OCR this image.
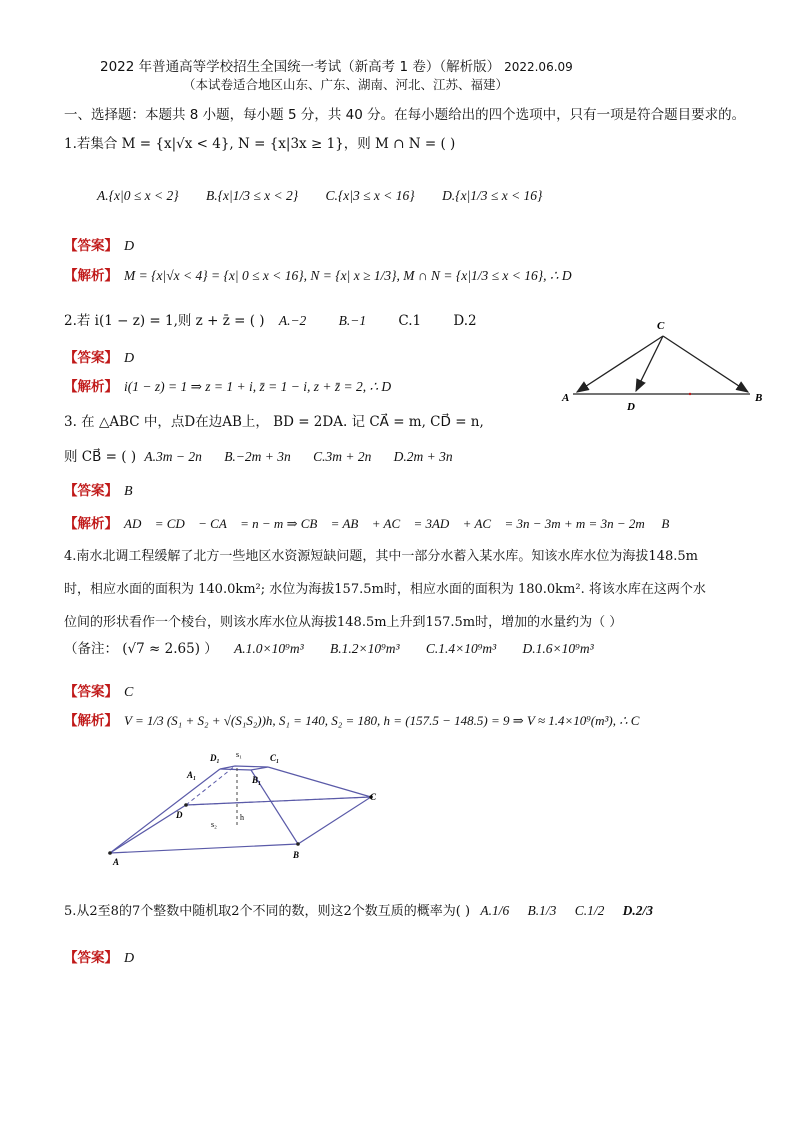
2022 年普通高等学校招生全国统一考试（新高考 1 卷）（解析版） 2022.06.09
（本试卷适合地区山东、广东、湖南、河北、江苏、福建）
一、选择题：本题共 8 小题，每小题 5 分，共 40 分。在每小题给出的四个选项中，只有一项是符合题目要求的。
1.若集合 M = {x|√x < 4}, N = {x|3x ≥ 1}，则 M ∩ N = ( )
A.{x|0 ≤ x < 2} B.{x|1/3 ≤ x < 2} C.{x|3 ≤ x < 16} D.{x|1/3 ≤ x < 16}
【答案】 D
【解析】 M = {x|√x < 4} = {x| 0 ≤ x < 16}, N = {x| x ≥ 1/3}, M ∩ N = {x|1/3 ≤ x < 16}, ∴ D
2.若 i(1 − z) = 1,则 z + z̄ = ( ) A.−2 B.−1 C.1 D.2
【答案】 D
【解析】 i(1 − z) = 1 ⇒ z = 1 + i, z̄ = 1 − i, z + z̄ = 2, ∴ D
C
A
D
B
3. 在 △ABC 中，点D在边AB上， BD = 2DA. 记 CA⃗ = m, CD⃗ = n,
则 CB⃗ = ( ) A.3m − 2n B.−2m + 3n C.3m + 2n D.2m + 3n
【答案】 B
【解析】 AD⃗ = CD⃗ − CA⃗ = n − m ⇒ CB⃗ = AB⃗ + AC⃗ = 3AD⃗ + AC⃗ = 3n − 3m + m = 3n − 2m ∴ B
4.南水北调工程缓解了北方一些地区水资源短缺问题，其中一部分水蓄入某水库。知该水库水位为海拔148.5m
时，相应水面的面积为 140.0km²; 水位为海拔157.5m时，相应水面的面积为 180.0km². 将该水库在这两个水
位间的形状看作一个棱台，则该水库水位从海拔148.5m上升到157.5m时，增加的水量约为（ ）
（备注： (√7 ≈ 2.65) ） A.1.0×10⁹m³ B.1.2×10⁹m³ C.1.4×10⁹m³ D.1.6×10⁹m³
【答案】 C
【解析】 V = 1/3 (S₁ + S₂ + √(S₁S₂))h, S₁ = 140, S₂ = 180, h = (157.5 − 148.5) = 9 ⇒ V ≈ 1.4×10⁹(m³), ∴ C
A
B
C
D
A₁	B₁
C₁
D₁ s₁
s₂
h
5.从2至8的7个整数中随机取2个不同的数，则这2个数互质的概率为( ) A.1/6 B.1/3 C.1/2 D.2/3
【答案】 D
